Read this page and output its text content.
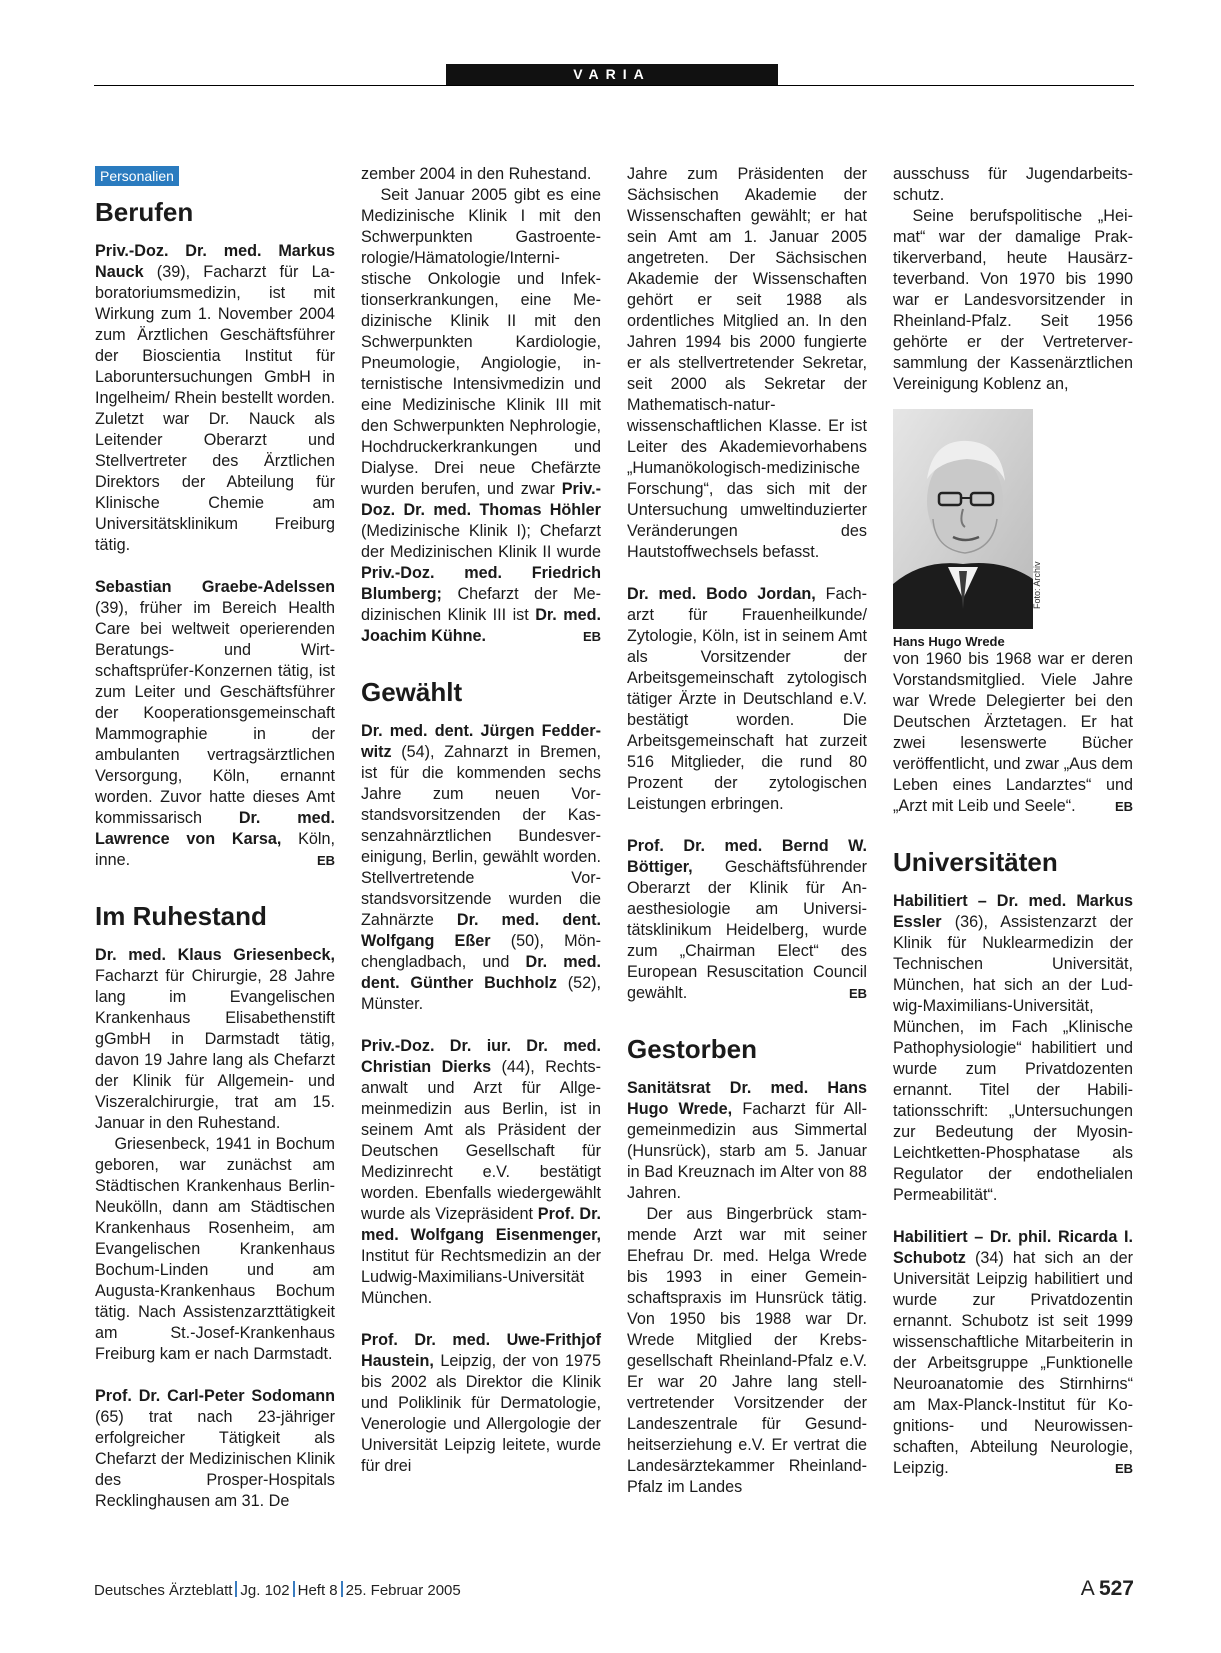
VARIA
Personalien
Berufen

Priv.-Doz. Dr. med. Markus Nauck (39), Facharzt für Laboratoriumsmedizin, ist mit Wirkung zum 1. November 2004 zum Ärztlichen Geschäftsführer der Bioscientia Institut für Laboruntersuchungen GmbH in Ingelheim/ Rhein bestellt worden. Zuletzt war Dr. Nauck als Leitender Oberarzt und Stellvertreter des Ärztlichen Direktors der Abteilung für Klinische Chemie am Universitätsklinikum Freiburg tätig.

Sebastian Graebe-Adelssen (39), früher im Bereich Health Care bei weltweit operierenden Beratungs- und Wirtschaftsprüfer-Konzernen tätig, ist zum Leiter und Geschäftsführer der Kooperationsgemeinschaft Mammographie in der ambulanten vertragsärztlichen Versorgung, Köln, ernannt worden. Zuvor hatte dieses Amt kommissarisch Dr. med. Lawrence von Karsa, Köln, inne.	EB

Im Ruhestand

Dr. med. Klaus Griesenbeck, Facharzt für Chirurgie, 28 Jahre lang im Evangelischen Krankenhaus Elisabethenstift gGmbH in Darmstadt tätig, davon 19 Jahre lang als Chefarzt der Klinik für Allgemein- und Viszeralchirurgie, trat am 15. Januar in den Ruhestand.

Griesenbeck, 1941 in Bochum geboren, war zunächst am Städtischen Krankenhaus Berlin-Neukölln, dann am Städtischen Krankenhaus Rosenheim, am Evangelischen Krankenhaus Bochum-Linden und am Augusta-Krankenhaus Bochum tätig. Nach Assistenzarzttätigkeit am St.-Josef-Krankenhaus Freiburg kam er nach Darmstadt.

Prof. Dr. Carl-Peter Sodomann (65) trat nach 23-jähriger erfolgreicher Tätigkeit als Chefarzt der Medizinischen Klinik des Prosper-Hospitals Recklinghausen am 31. De

zember 2004 in den Ruhestand.

Seit Januar 2005 gibt es eine Medizinische Klinik I mit den Schwerpunkten Gastroenterologie/Hämatologie/Internistische Onkologie und Infektionserkrankungen, eine Medizinische Klinik II mit den Schwerpunkten Kardiologie, Pneumologie, Angiologie, internistische Intensivmedizin und eine Medizinische Klinik III mit den Schwerpunkten Nephrologie, Hochdruckerkrankungen und Dialyse. Drei neue Chefärzte wurden berufen, und zwar Priv.-Doz. Dr. med. Thomas Höhler (Medizinische Klinik I); Chefarzt der Medizinischen Klinik II wurde Priv.-Doz. med. Friedrich Blumberg; Chefarzt der Medizinischen Klinik III ist Dr. med. Joachim Kühne.	EB

Gewählt

Dr. med. dent. Jürgen Fedderwitz (54), Zahnarzt in Bremen, ist für die kommenden sechs Jahre zum neuen Vorstandsvorsitzenden der Kassenzahnärztlichen Bundesvereinigung, Berlin, gewählt worden. Stellvertretende Vorstandsvorsitzende wurden die Zahnärzte Dr. med. dent. Wolfgang Eßer (50), Mönchengladbach, und Dr. med. dent. Günther Buchholz (52), Münster.

Priv.-Doz. Dr. iur. Dr. med. Christian Dierks (44), Rechtsanwalt und Arzt für Allgemeinmedizin aus Berlin, ist in seinem Amt als Präsident der Deutschen Gesellschaft für Medizinrecht e.V. bestätigt worden. Ebenfalls wiedergewählt wurde als Vizepräsident Prof. Dr. med. Wolfgang Eisenmenger, Institut für Rechtsmedizin an der Ludwig-Maximilians-Universität München.

Prof. Dr. med. Uwe-Frithjof Haustein, Leipzig, der von 1975 bis 2002 als Direktor die Klinik und Poliklinik für Dermatologie, Venerologie und Allergologie der Universität Leipzig leitete, wurde für drei

Jahre zum Präsidenten der Sächsischen Akademie der Wissenschaften gewählt; er hat sein Amt am 1. Januar 2005 angetreten. Der Sächsischen Akademie der Wissenschaften gehört er seit 1988 als ordentliches Mitglied an. In den Jahren 1994 bis 2000 fungierte er als stellvertretender Sekretar, seit 2000 als Sekretar der Mathematisch-naturwissenschaftlichen Klasse. Er ist Leiter des Akademievorhabens „Humanökologisch-medizinische Forschung“, das sich mit der Untersuchung umweltinduzierter Veränderungen des Hautstoffwechsels befasst.

Dr. med. Bodo Jordan, Facharzt für Frauenheilkunde/ Zytologie, Köln, ist in seinem Amt als Vorsitzender der Arbeitsgemeinschaft zytologisch tätiger Ärzte in Deutschland e.V. bestätigt worden. Die Arbeitsgemeinschaft hat zurzeit 516 Mitglieder, die rund 80 Prozent der zytologischen Leistungen erbringen.

Prof. Dr. med. Bernd W. Böttiger, Geschäftsführender Oberarzt der Klinik für Anaesthesiologie am Universitätsklinikum Heidelberg, wurde zum „Chairman Elect“ des European Resuscitation Council gewählt.	EB

Gestorben

Sanitätsrat Dr. med. Hans Hugo Wrede, Facharzt für Allgemeinmedizin aus Simmertal (Hunsrück), starb am 5. Januar in Bad Kreuznach im Alter von 88 Jahren.

Der aus Bingerbrück stammende Arzt war mit seiner Ehefrau Dr. med. Helga Wrede bis 1993 in einer Gemeinschaftspraxis im Hunsrück tätig. Von 1950 bis 1988 war Dr. Wrede Mitglied der Krebsgesellschaft Rheinland-Pfalz e.V. Er war 20 Jahre lang stellvertretender Vorsitzender der Landeszentrale für Gesundheitserziehung e.V. Er vertrat die Landesärztekammer Rheinland-Pfalz im Landes

ausschuss für Jugendarbeitsschutz.

Seine berufspolitische „Heimat“ war der damalige Praktikerverband, heute Hausärzteverband. Von 1970 bis 1990 war er Landesvorsitzender in Rheinland-Pfalz. Seit 1956 gehörte er der Vertreterversammlung der Kassenärztlichen Vereinigung Koblenz an,

Foto: Archiv
Hans Hugo Wrede

von 1960 bis 1968 war er deren Vorstandsmitglied. Viele Jahre war Wrede Delegierter bei den Deutschen Ärztetagen. Er hat zwei lesenswerte Bücher veröffentlicht, und zwar „Aus dem Leben eines Landarztes“ und „Arzt mit Leib und Seele“.	EB

Universitäten

Habilitiert – Dr. med. Markus Essler (36), Assistenzarzt der Klinik für Nuklearmedizin der Technischen Universität, München, hat sich an der Ludwig-Maximilians-Universität, München, im Fach „Klinische Pathophysiologie“ habilitiert und wurde zum Privatdozenten ernannt. Titel der Habilitationsschrift: „Untersuchungen zur Bedeutung der Myosin-Leichtketten-Phosphatase als Regulator der endothelialen Permeabilität“.

Habilitiert – Dr. phil. Ricarda I. Schubotz (34) hat sich an der Universität Leipzig habilitiert und wurde zur Privatdozentin ernannt. Schubotz ist seit 1999 wissenschaftliche Mitarbeiterin in der Arbeitsgruppe „Funktionelle Neuroanatomie des Stirnhirns“ am Max-Planck-Institut für Kognitions- und Neurowissenschaften, Abteilung Neurologie, Leipzig.	EB

Deutsches Ärzteblatt Jg. 102 Heft 8 25. Februar 2005	A  527
